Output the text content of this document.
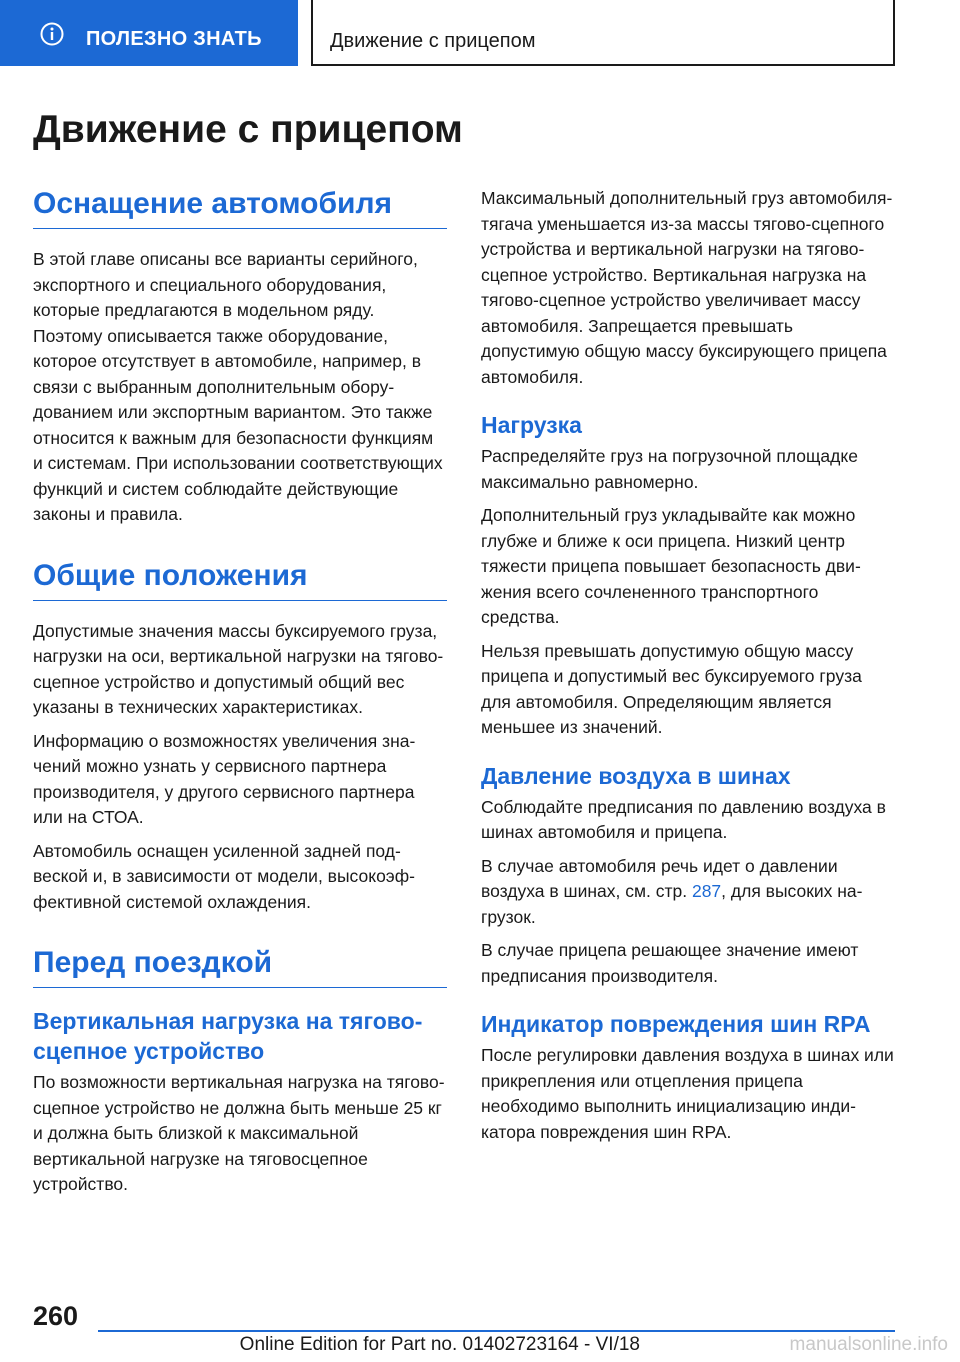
ПОЛЕЗНО ЗНАТЬ	Движение с прицепом
Движение с прицепом
Оснащение автомобиля

В этой главе описаны все варианты серийного, экспортного и специального оборудования, которые предлагаются в модельном ряду. Поэтому описывается также оборудование, которое отсутствует в автомобиле, например, в связи с выбранным дополнительным оборудованием или экспортным вариантом. Это также относится к важным для безопасности функциям и системам. При использовании соответствующих функций и систем соблюдайте действующие законы и правила.

Общие положения

Допустимые значения массы буксируемого груза, нагрузки на оси, вертикальной нагрузки на тягово-сцепное устройство и допустимый общий вес указаны в технических характеристиках.

Информацию о возможностях увеличения значений можно узнать у сервисного партнера производителя, у другого сервисного партнера или на СТОА.

Автомобиль оснащен усиленной задней подвеской и, в зависимости от модели, высокоэффективной системой охлаждения.

Перед поездкой
Вертикальная нагрузка на тягово-сцепное устройство

По возможности вертикальная нагрузка на тягово-сцепное устройство не должна быть меньше 25 кг и должна быть близкой к максимальной вертикальной нагрузке на тяговосцепное устройство.

Максимальный дополнительный груз автомобиля-тягача уменьшается из-за массы тягово-сцепного устройства и вертикальной нагрузки на тягово-сцепное устройство. Вертикальная нагрузка на тягово-сцепное устройство увеличивает массу автомобиля. Запрещается превышать допустимую общую массу буксирующего прицепа автомобиля.

Нагрузка

Распределяйте груз на погрузочной площадке максимально равномерно.

Дополнительный груз укладывайте как можно глубже и ближе к оси прицепа. Низкий центр тяжести прицепа повышает безопасность движения всего сочлененного транспортного средства.

Нельзя превышать допустимую общую массу прицепа и допустимый вес буксируемого груза для автомобиля. Определяющим является меньшее из значений.

Давление воздуха в шинах

Соблюдайте предписания по давлению воздуха в шинах автомобиля и прицепа.

В случае автомобиля речь идет о давлении воздуха в шинах, см. стр. 287, для высоких нагрузок.

В случае прицепа решающее значение имеют предписания производителя.

Индикатор повреждения шин RPA

После регулировки давления воздуха в шинах или прикрепления или отцепления прицепа необходимо выполнить инициализацию индикатора повреждения шин RPA.

260
manualsonline.info
Online Edition for Part no. 01402723164 - VI/18
